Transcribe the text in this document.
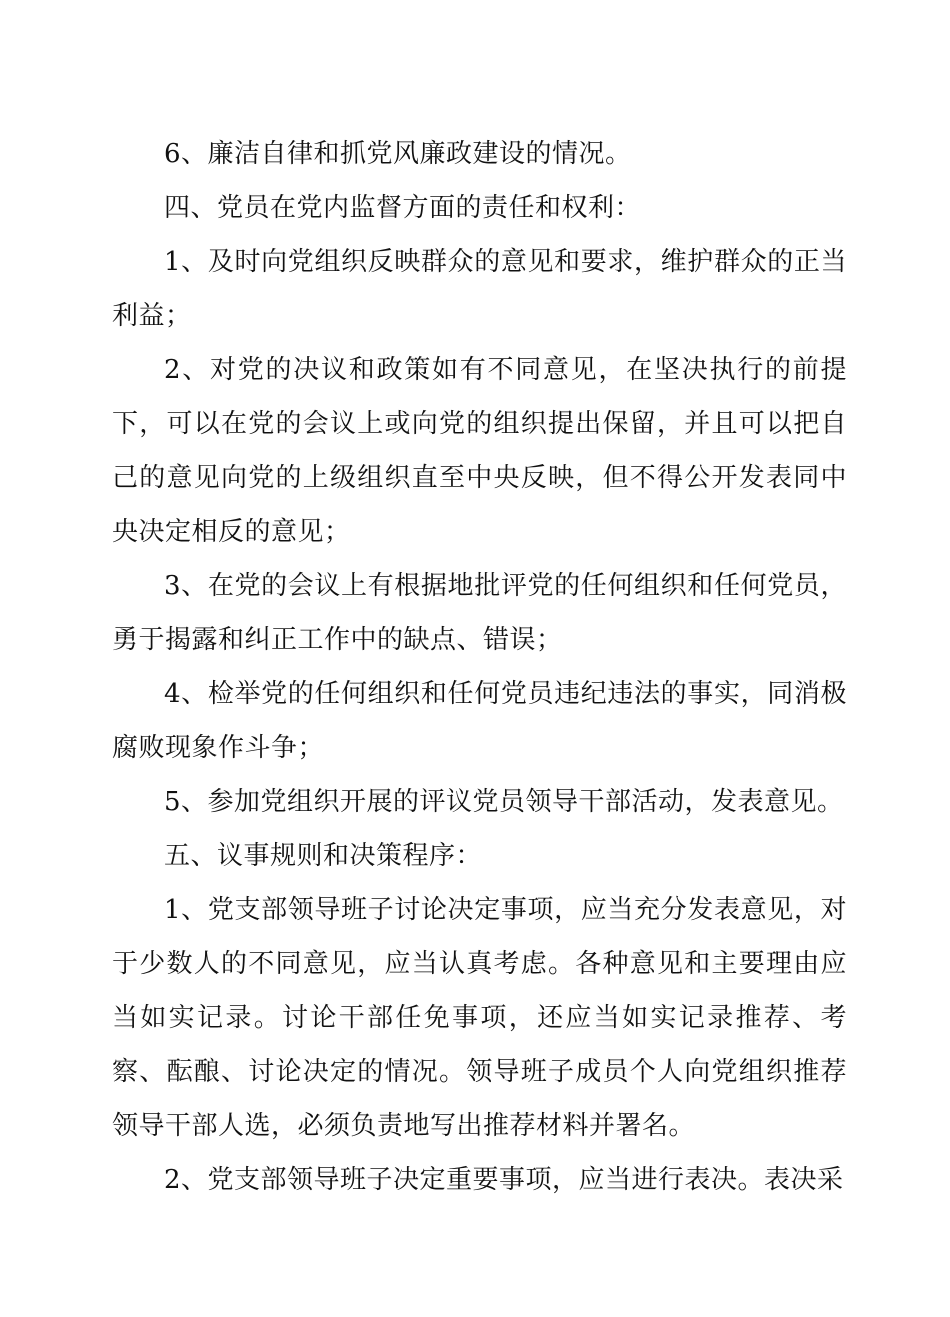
6、廉洁自律和抓党风廉政建设的情况。

四、党员在党内监督方面的责任和权利：

1、及时向党组织反映群众的意见和要求，维护群众的正当利益；

2、对党的决议和政策如有不同意见，在坚决执行的前提下，可以在党的会议上或向党的组织提出保留，并且可以把自己的意见向党的上级组织直至中央反映，但不得公开发表同中央决定相反的意见；

3、在党的会议上有根据地批评党的任何组织和任何党员，勇于揭露和纠正工作中的缺点、错误；

4、检举党的任何组织和任何党员违纪违法的事实，同消极腐败现象作斗争；

5、参加党组织开展的评议党员领导干部活动，发表意见。

五、议事规则和决策程序：

1、党支部领导班子讨论决定事项，应当充分发表意见，对于少数人的不同意见，应当认真考虑。各种意见和主要理由应当如实记录。讨论干部任免事项，还应当如实记录推荐、考察、酝酿、讨论决定的情况。领导班子成员个人向党组织推荐领导干部人选，必须负责地写出推荐材料并署名。

2、党支部领导班子决定重要事项，应当进行表决。表决采
